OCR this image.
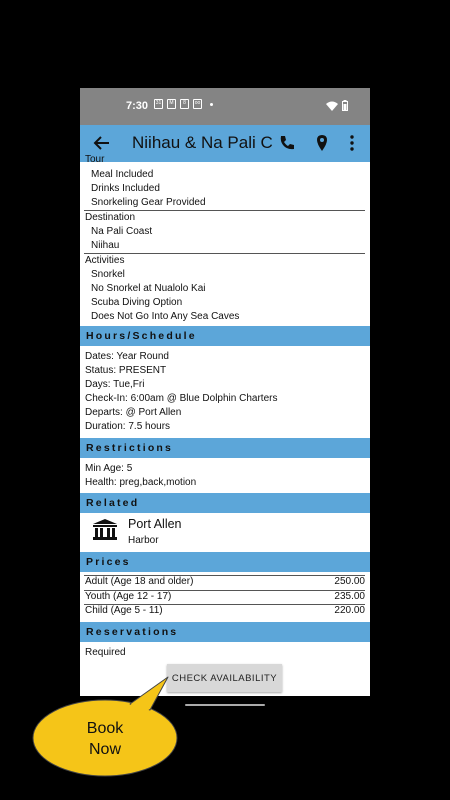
7:30	31	M	8	oo
Niihau & Na Pali C
Tour
Meal Included
Drinks Included
Snorkeling Gear Provided
Destination
Na Pali Coast
Niihau
Activities
Snorkel
No Snorkel at Nualolo Kai
Scuba Diving Option
Does Not Go Into Any Sea Caves
Hours/Schedule
Dates: Year Round
Status: PRESENT
Days: Tue,Fri
Check-In: 6:00am @ Blue Dolphin Charters
Departs: @ Port Allen
Duration: 7.5 hours
Restrictions
Min Age: 5
Health: preg,back,motion
Related
Port Allen
Harbor
Prices
Adult (Age 18 and older)	250.00
Youth (Age 12 - 17)	235.00
Child (Age 5 - 11)	220.00
Reservations
Required
CHECK AVAILABILITY
Book
Now
